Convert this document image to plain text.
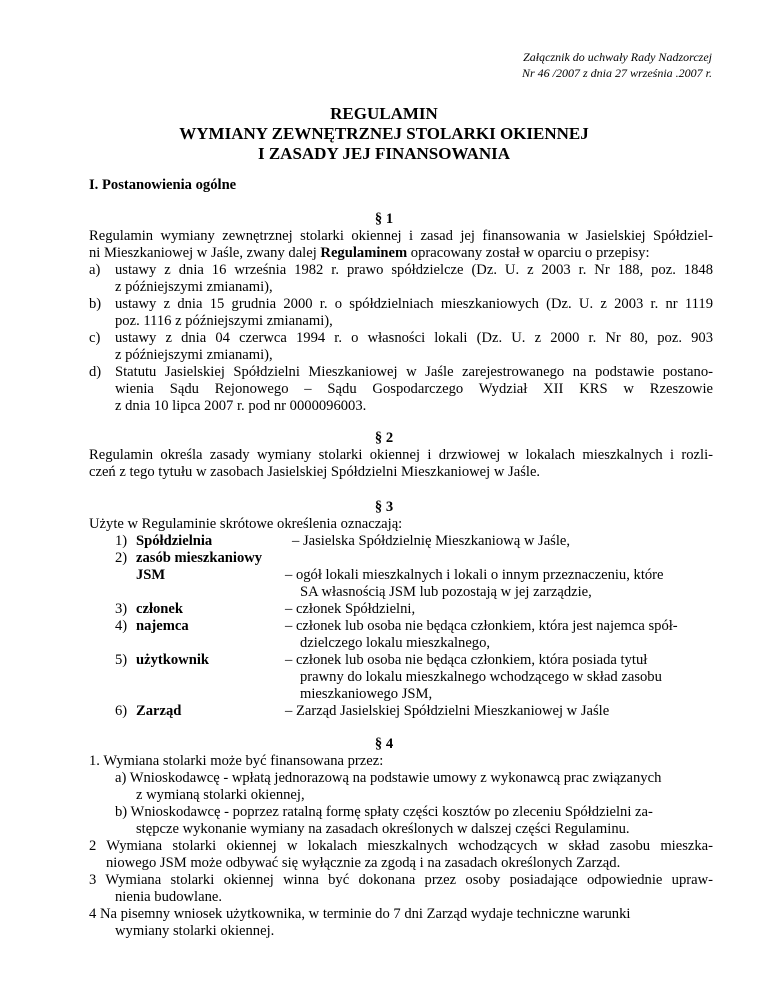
Załącznik do uchwały Rady Nadzorczej
Nr 46 /2007 z dnia 27 września .2007 r.
REGULAMIN
WYMIANY ZEWNĘTRZNEJ STOLARKI OKIENNEJ
I ZASADY JEJ FINANSOWANIA
I. Postanowienia ogólne
§ 1
Regulamin wymiany zewnętrznej stolarki okiennej i zasad jej finansowania w Jasielskiej Spółdziel-
ni Mieszkaniowej w Jaśle, zwany dalej Regulaminem opracowany został w oparciu o przepisy:
a) ustawy z dnia 16 września 1982 r. prawo spółdzielcze (Dz. U. z 2003 r. Nr 188, poz. 1848
z późniejszymi zmianami),
b) ustawy z dnia 15 grudnia 2000 r. o spółdzielniach mieszkaniowych (Dz. U. z 2003 r. nr 1119
poz. 1116 z późniejszymi zmianami),
c) ustawy z dnia 04 czerwca 1994 r. o własności lokali (Dz. U. z 2000 r. Nr 80, poz. 903
z późniejszymi zmianami),
d) Statutu Jasielskiej Spółdzielni Mieszkaniowej w Jaśle zarejestrowanego na podstawie postano-
wienia Sądu Rejonowego – Sądu Gospodarczego Wydział XII KRS w Rzeszowie
z dnia 10 lipca 2007 r. pod nr 0000096003.
§ 2
Regulamin określa zasady wymiany stolarki okiennej i drzwiowej w lokalach mieszkalnych i rozli-
czeń z tego tytułu w zasobach Jasielskiej Spółdzielni Mieszkaniowej w Jaśle.
§ 3
Użyte w Regulaminie skrótowe określenia oznaczają:
1) Spółdzielnia	– Jasielska Spółdzielnię Mieszkaniową w Jaśle,
2) zasób mieszkaniowy
JSM	– ogół lokali mieszkalnych i lokali o innym przeznaczeniu, które
SA własnością JSM lub pozostają w jej zarządzie,
3) członek	– członek Spółdzielni,
4) najemca	– członek lub osoba nie będąca członkiem, która jest najemca spół-
dzielczego lokalu mieszkalnego,
5) użytkownik	– członek lub osoba nie będąca członkiem, która posiada tytuł
prawny do lokalu mieszkalnego wchodzącego w skład zasobu
mieszkaniowego JSM,
6) Zarząd	– Zarząd Jasielskiej Spółdzielni Mieszkaniowej w Jaśle
§ 4
1. Wymiana stolarki może być finansowana przez:
a) Wnioskodawcę - wpłatą jednorazową na podstawie umowy z wykonawcą prac związanych
z wymianą stolarki okiennej,
b) Wnioskodawcę - poprzez ratalną formę spłaty części kosztów po zleceniu Spółdzielni za-
stępcze wykonanie wymiany na zasadach określonych w dalszej części Regulaminu.
2 Wymiana stolarki okiennej w lokalach mieszkalnych wchodzących w skład zasobu mieszka-
niowego JSM może odbywać się wyłącznie za zgodą i na zasadach określonych Zarząd.
3 Wymiana stolarki okiennej winna być dokonana przez osoby posiadające odpowiednie upraw-
nienia budowlane.
4 Na pisemny wniosek użytkownika, w terminie do 7 dni Zarząd wydaje techniczne warunki
wymiany stolarki okiennej.
